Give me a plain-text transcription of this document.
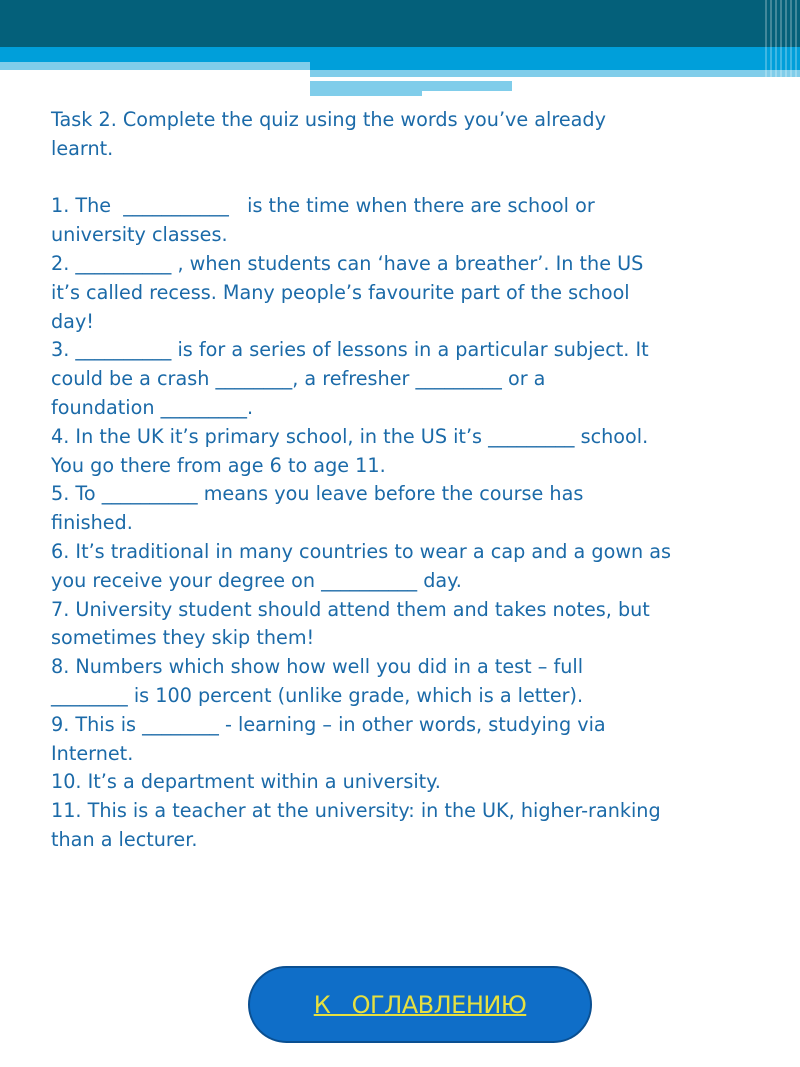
Task 2. Complete the quiz using the words you’ve already
learnt.
1. The  ___________   is the time when there are school or
university classes.
2. __________ , when students can ‘have a breather’. In the US
it’s called recess. Many people’s favourite part of the school
day!
3. __________ is for a series of lessons in a particular subject. It
could be a crash ________, a refresher _________ or a
foundation _________.
4. In the UK it’s primary school, in the US it’s _________ school.
You go there from age 6 to age 11.
5. To __________ means you leave before the course has
finished.
6. It’s traditional in many countries to wear a cap and a gown as
you receive your degree on __________ day.
7. University student should attend them and takes notes, but
sometimes they skip them!
8. Numbers which show how well you did in a test – full
________ is 100 percent (unlike grade, which is a letter).
9. This is ________ - learning – in other words, studying via
Internet.
10. It’s a department within a university.
11. This is a teacher at the university: in the UK, higher-ranking
than a lecturer.
К   ОГЛАВЛЕНИЮ
